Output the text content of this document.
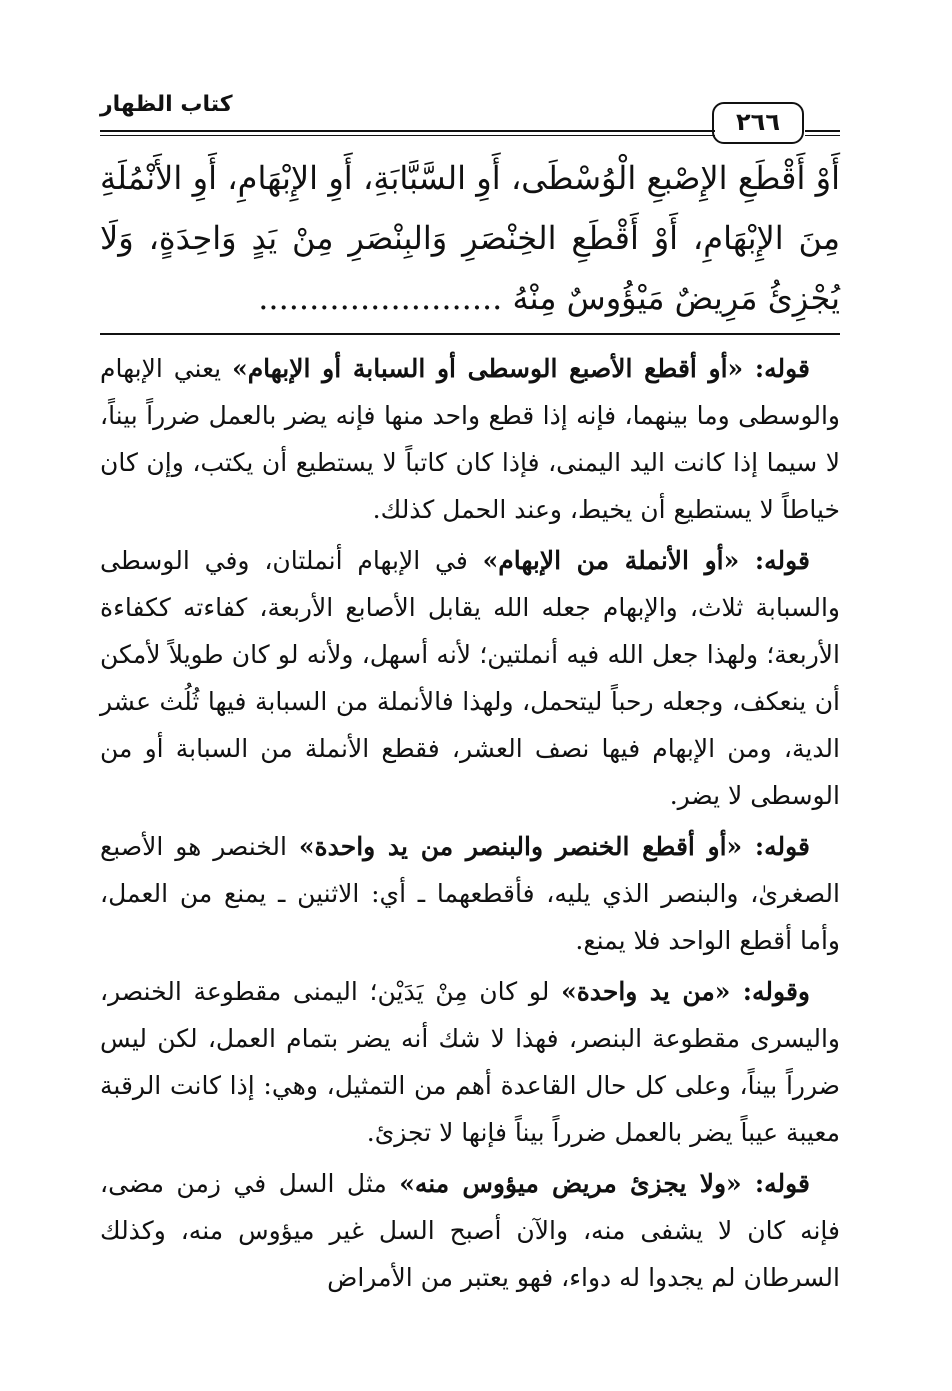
كتاب الظهار
٢٦٦
أَوْ أَقْطَعِ الإِصْبعِ الْوُسْطَى، أَوِ السَّبَّابَةِ، أَوِ الإِبْهَامِ، أَوِ الأَنْمُلَةِ مِنَ الإِبْهَامِ، أَوْ أَقْطَعِ الخِنْصَرِ وَالبِنْصَرِ مِنْ يَدٍ وَاحِدَةٍ، وَلَا يُجْزِئُ مَرِيضٌ مَيْؤُوسٌ مِنْهُ ........................

قوله: «أو أقطع الأصبع الوسطى أو السبابة أو الإبهام» يعني الإبهام والوسطى وما بينهما، فإنه إذا قطع واحد منها فإنه يضر بالعمل ضرراً بيناً، لا سيما إذا كانت اليد اليمنى، فإذا كان كاتباً لا يستطيع أن يكتب، وإن كان خياطاً لا يستطيع أن يخيط، وعند الحمل كذلك.

قوله: «أو الأنملة من الإبهام» في الإبهام أنملتان، وفي الوسطى والسبابة ثلاث، والإبهام جعله الله يقابل الأصابع الأربعة، كفاءته ككفاءة الأربعة؛ ولهذا جعل الله فيه أنملتين؛ لأنه أسهل، ولأنه لو كان طويلاً لأمكن أن ينعكف، وجعله رحباً ليتحمل، ولهذا فالأنملة من السبابة فيها ثُلُث عشر الدية، ومن الإبهام فيها نصف العشر، فقطع الأنملة من السبابة أو من الوسطى لا يضر.

قوله: «أو أقطع الخنصر والبنصر من يد واحدة» الخنصر هو الأصبع الصغرىٰ، والبنصر الذي يليه، فأقطعهما ـ أي: الاثنين ـ يمنع من العمل، وأما أقطع الواحد فلا يمنع.

وقوله: «من يد واحدة» لو كان مِنْ يَدَيْن؛ اليمنى مقطوعة الخنصر، واليسرى مقطوعة البنصر، فهذا لا شك أنه يضر بتمام العمل، لكن ليس ضرراً بيناً، وعلى كل حال القاعدة أهم من التمثيل، وهي: إذا كانت الرقبة معيبة عيباً يضر بالعمل ضرراً بيناً فإنها لا تجزئ.

قوله: «ولا يجزئ مريض ميؤوس منه» مثل السل في زمن مضى، فإنه كان لا يشفى منه، والآن أصبح السل غير ميؤوس منه، وكذلك السرطان لم يجدوا له دواء، فهو يعتبر من الأمراض
